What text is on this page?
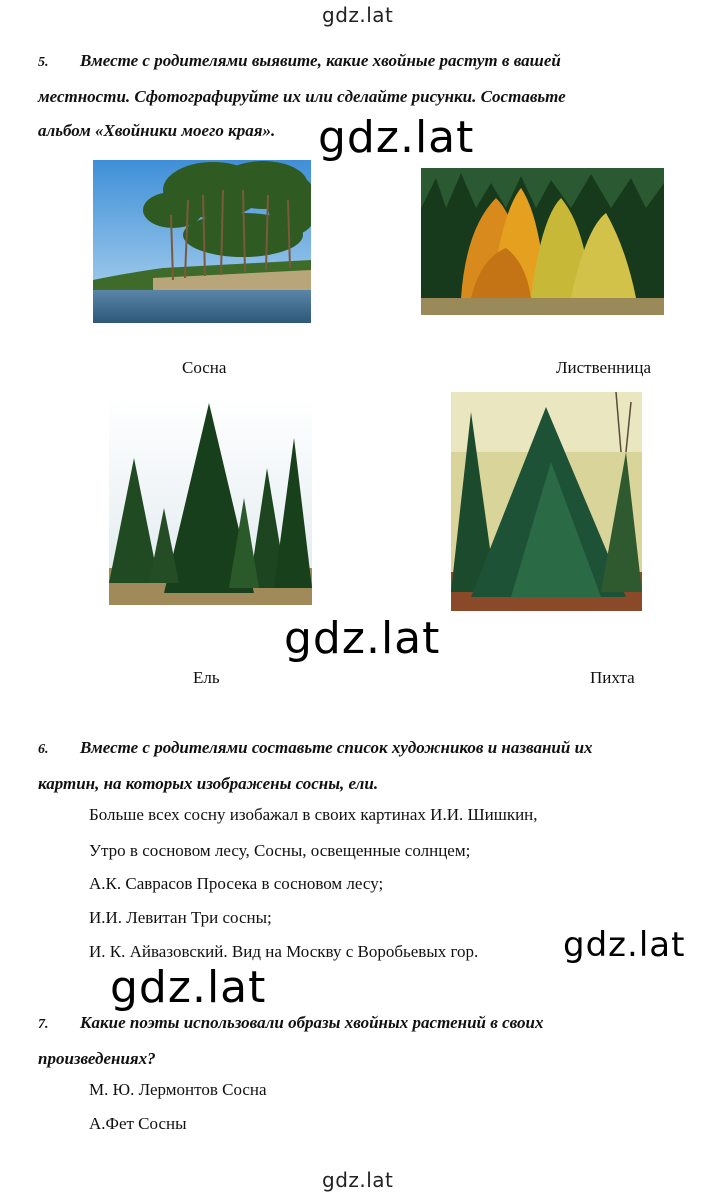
gdz.lat
5. Вместе с родителями выявите, какие хвойные растут в вашей
местности. Сфотографируйте их или сделайте рисунки. Составьте
альбом «Хвойники моего края». gdz.lat
Сосна	Лиственница
gdz.lat
Ель	Пихта
6. Вместе с родителями составьте список художников и названий их
картин, на которых изображены сосны, ели.
Больше всех сосну изобажал в своих картинах И.И. Шишкин,
Утро в сосновом лесу, Сосны, освещенные солнцем;
А.К. Саврасов Просека в сосновом лесу;
И.И. Левитан Три сосны;
И. К. Айвазовский. Вид на Москву с Воробьевых гор. gdz.lat
gdz.lat
7. Какие поэты использовали образы хвойных растений в своих
произведениях?
М. Ю. Лермонтов Сосна
А.Фет Сосны
gdz.lat
